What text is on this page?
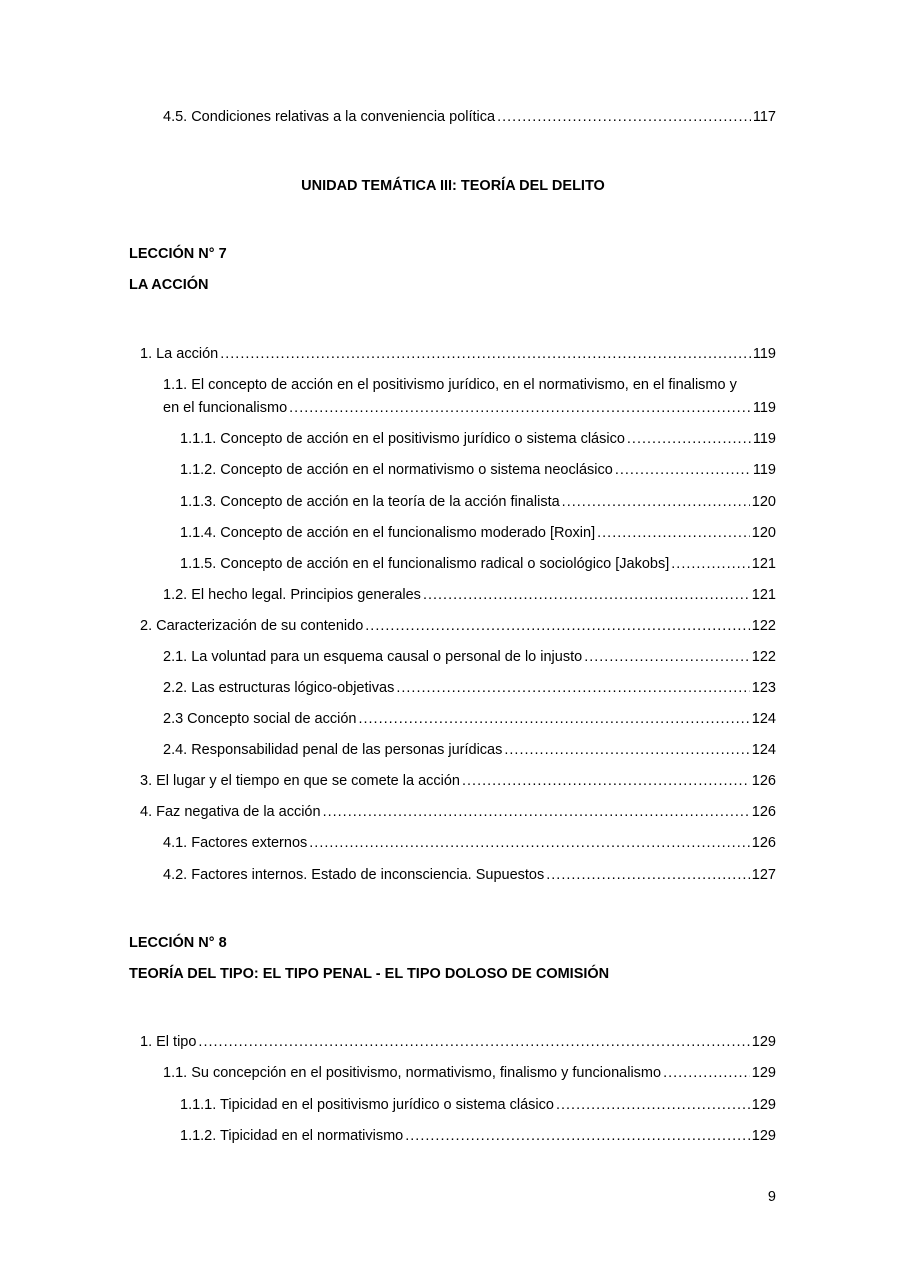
4.5. Condiciones relativas a la conveniencia política .....	117
UNIDAD TEMÁTICA III: TEORÍA DEL DELITO
LECCIÓN N° 7
LA ACCIÓN
1. La acción .....	119
1.1. El concepto de acción en el positivismo jurídico, en el normativismo, en el finalismo y
en el funcionalismo .....	119
1.1.1. Concepto de acción en el positivismo jurídico o sistema clásico .....	119
1.1.2. Concepto de acción en el normativismo o sistema neoclásico .....	119
1.1.3. Concepto de acción en la teoría de la acción finalista .....	120
1.1.4. Concepto de acción en el funcionalismo moderado [Roxin] .....	120
1.1.5. Concepto de acción en el funcionalismo radical o sociológico [Jakobs] .....	121
1.2. El hecho legal. Principios generales .....	121
2. Caracterización de su contenido .....	122
2.1. La voluntad para un esquema causal o personal de lo injusto .....	122
2.2. Las estructuras lógico-objetivas .....	123
2.3 Concepto social de acción .....	124
2.4. Responsabilidad penal de las personas jurídicas .....	124
3. El lugar y el tiempo en que se comete la acción .....	126
4. Faz negativa de la acción .....	126
4.1. Factores externos .....	126
4.2. Factores internos. Estado de inconsciencia. Supuestos .....	127
LECCIÓN N° 8
TEORÍA DEL TIPO: EL TIPO PENAL - EL TIPO DOLOSO DE COMISIÓN
1. El tipo .....	129
1.1. Su concepción en el positivismo, normativismo, finalismo y funcionalismo .....	129
1.1.1. Tipicidad en el positivismo jurídico o sistema clásico .....	129
1.1.2. Tipicidad en el normativismo .....	129
9
